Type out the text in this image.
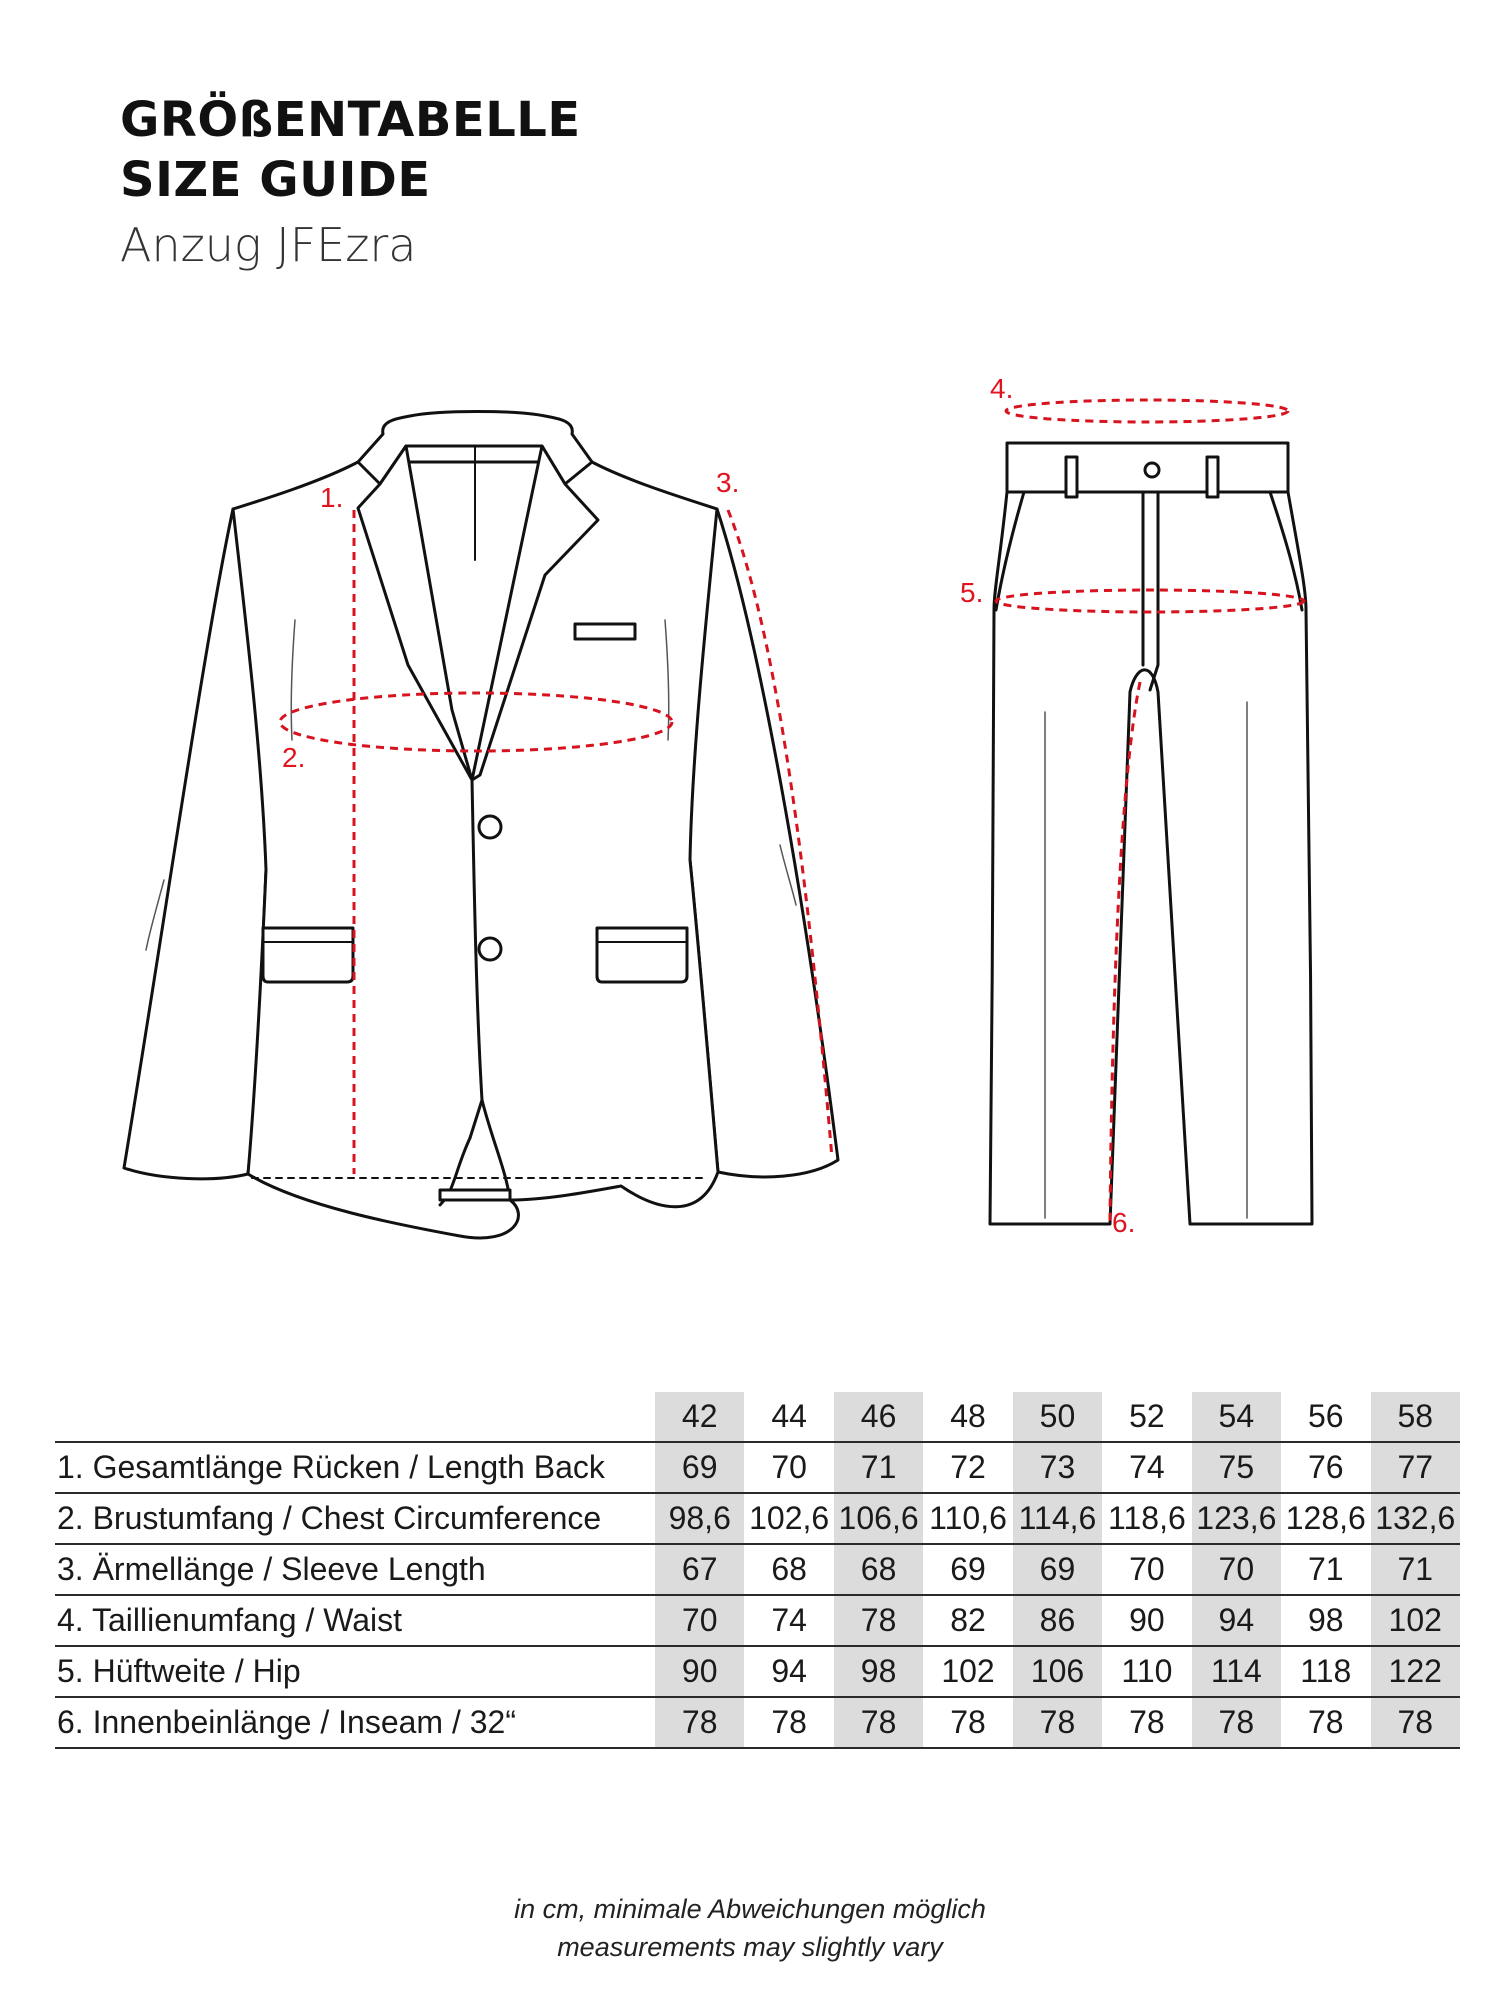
GRÖßENTABELLE
SIZE GUIDE
Anzug JFEzra
1.
2.
3.
4.
5.
6.
	42	44	46	48	50	52	54	56	58
1. Gesamtlänge Rücken / Length Back	69	70	71	72	73	74	75	76	77
2. Brustumfang / Chest Circumference	98,6	102,6	106,6	110,6	114,6	118,6	123,6	128,6	132,6
3. Ärmellänge / Sleeve Length	67	68	68	69	69	70	70	71	71
4. Taillienumfang / Waist	70	74	78	82	86	90	94	98	102
5. Hüftweite / Hip	90	94	98	102	106	110	114	118	122
6. Innenbeinlänge / Inseam / 32“	78	78	78	78	78	78	78	78	78
in cm, minimale Abweichungen möglich
measurements may slightly vary
